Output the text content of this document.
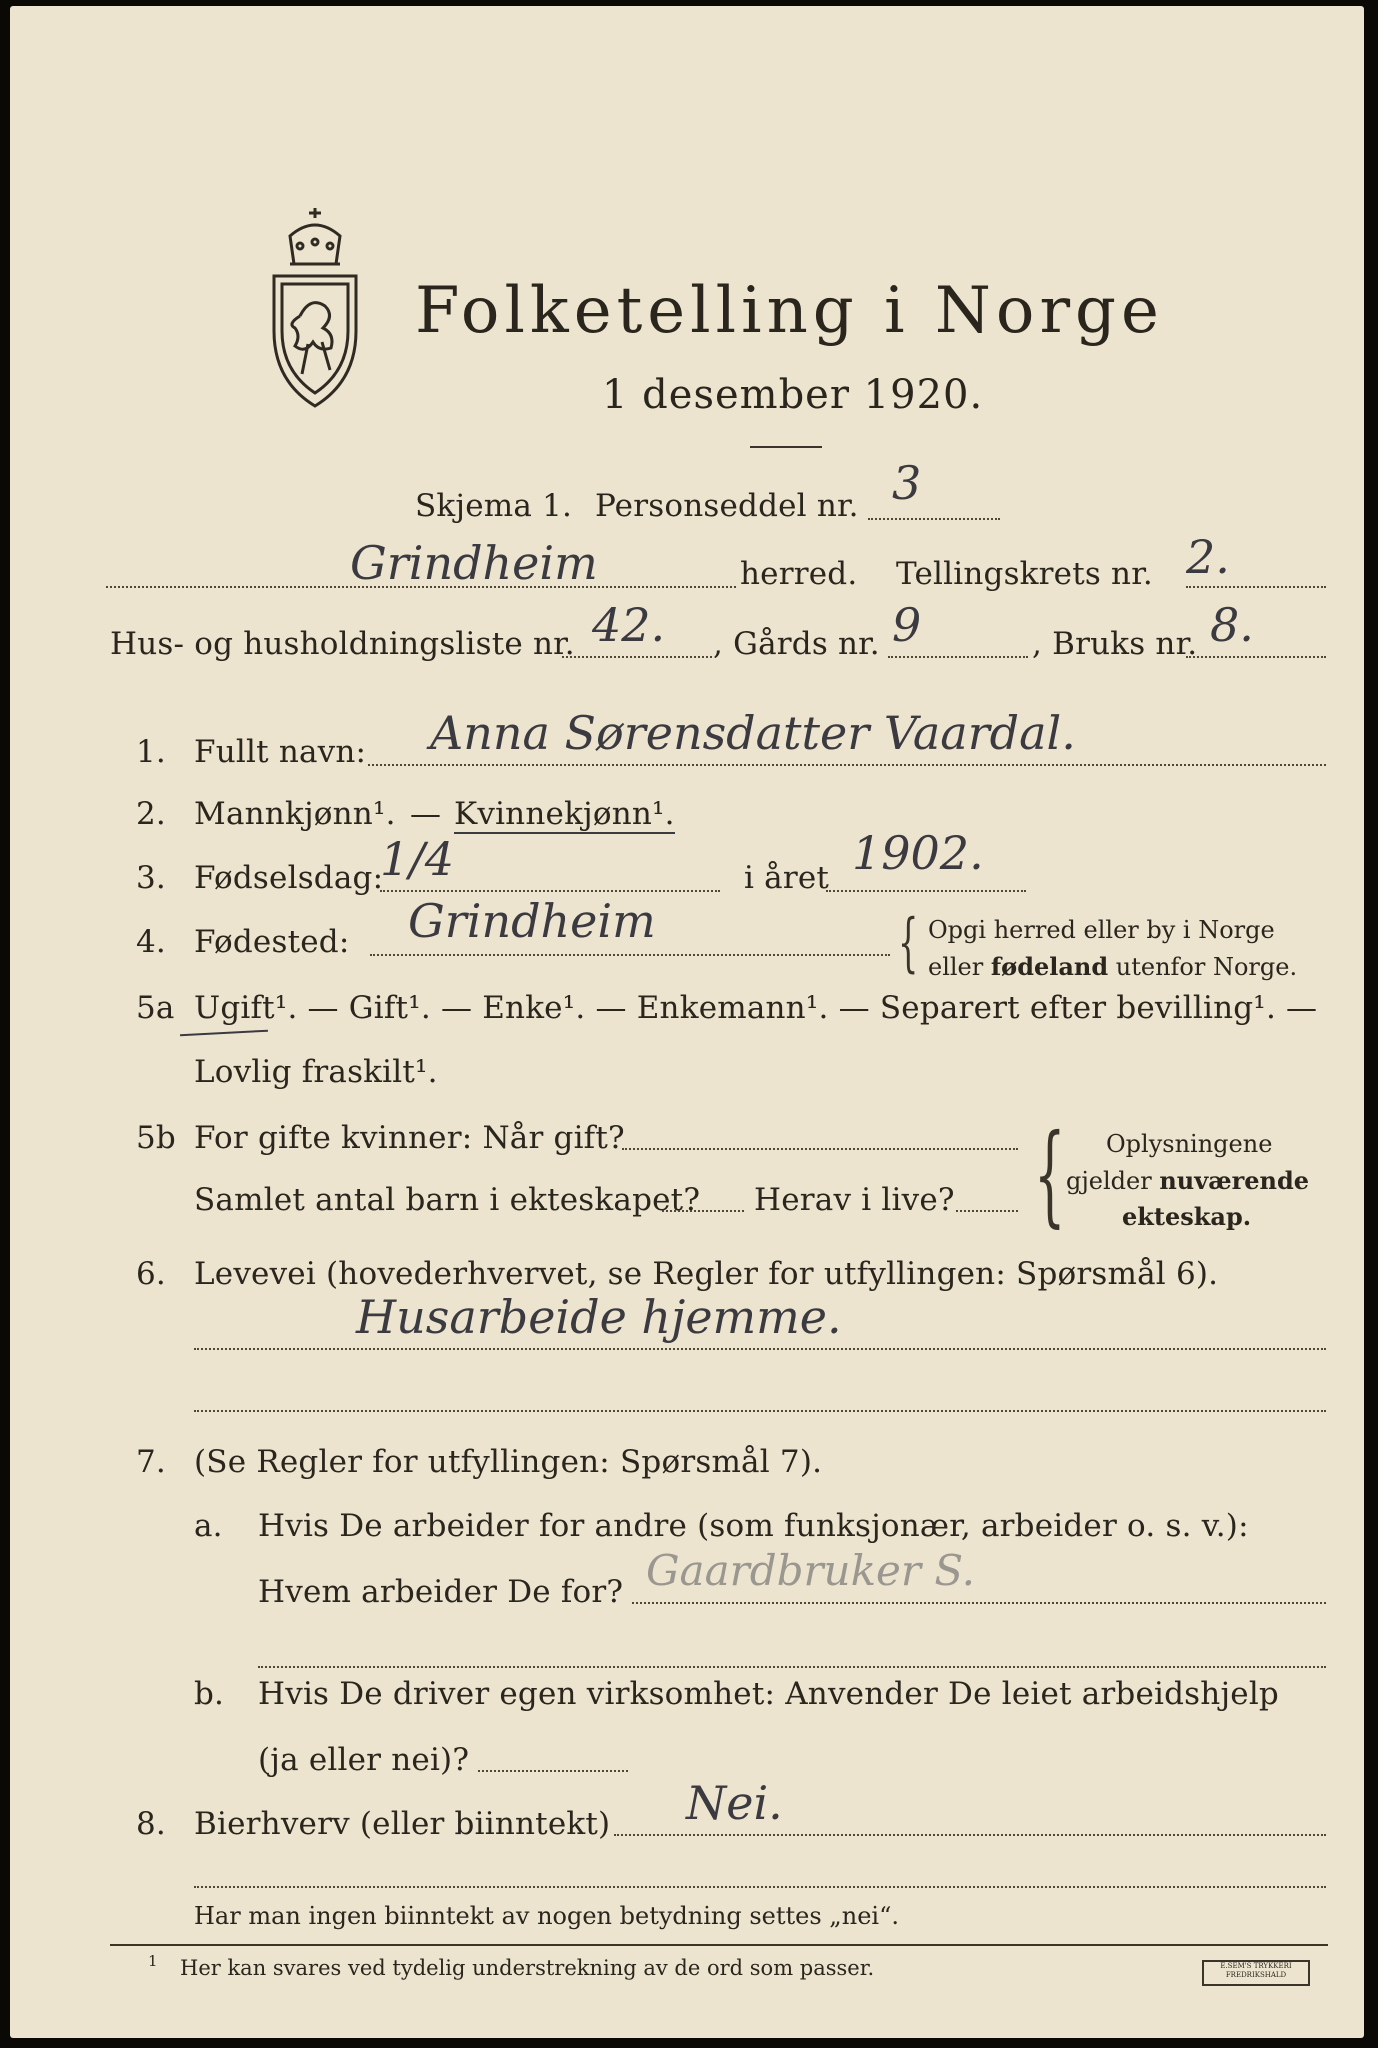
Folketelling i Norge
1 desember 1920.
Skjema 1. Personseddel nr. 3
Grindheim	herred. Tellingskrets nr. 2.
Hus- og husholdningsliste nr. 42. , Gårds nr. 9	, Bruks nr. 8.
1. Fullt navn: Anna Sørensdatter Vaardal.
2. Mannkjønn¹. — Kvinnekjønn¹.
3. Fødselsdag:
1/4	i året 1902.
4. Fødested: Grindheim	{ Opgi herred eller by i Norge
eller fødeland utenfor Norge.
5a Ugift¹. — Gift¹. — Enke¹. — Enkemann¹. — Separert efter bevilling¹. —
Lovlig fraskilt¹.
5b For gifte kvinner: Når gift?
Samlet antal barn i ekteskapet? Herav i live? { Oplysningene
gjelder nuværende
ekteskap.
6. Levevei (hovederhvervet, se Regler for utfyllingen: Spørsmål 6).
Husarbeide hjemme.
7. (Se Regler for utfyllingen: Spørsmål 7).
a. Hvis De arbeider for andre (som funksjonær, arbeider o. s. v.):
Hvem arbeider De for? Gaardbruker S.
b. Hvis De driver egen virksomhet: Anvender De leiet arbeidshjelp
(ja eller nei)?
8. Bierhverv (eller biinntekt) Nei.
Har man ingen biinntekt av nogen betydning settes „nei“.
1 Her kan svares ved tydelig understrekning av de ord som passer.	E.SEM'S TRYKKERI FREDRIKSHALD
